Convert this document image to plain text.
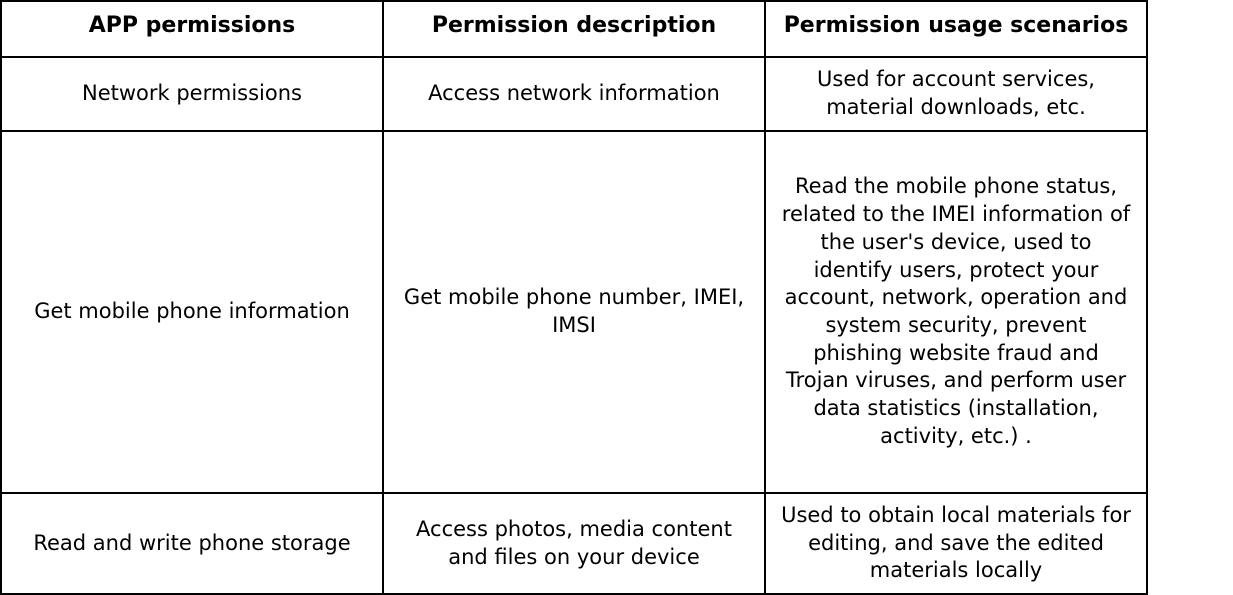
APP permissions	Permission description	Permission usage scenarios
Network permissions	Access network information	Used for account services, material downloads, etc.
Get mobile phone information	Get mobile phone number, IMEI, IMSI	Read the mobile phone status, related to the IMEI information of the user's device, used to identify users, protect your account, network, operation and system security, prevent phishing website fraud and Trojan viruses, and perform user data statistics (installation, activity, etc.) .
Read and write phone storage	Access photos, media content and files on your device	Used to obtain local materials for editing, and save the edited materials locally
